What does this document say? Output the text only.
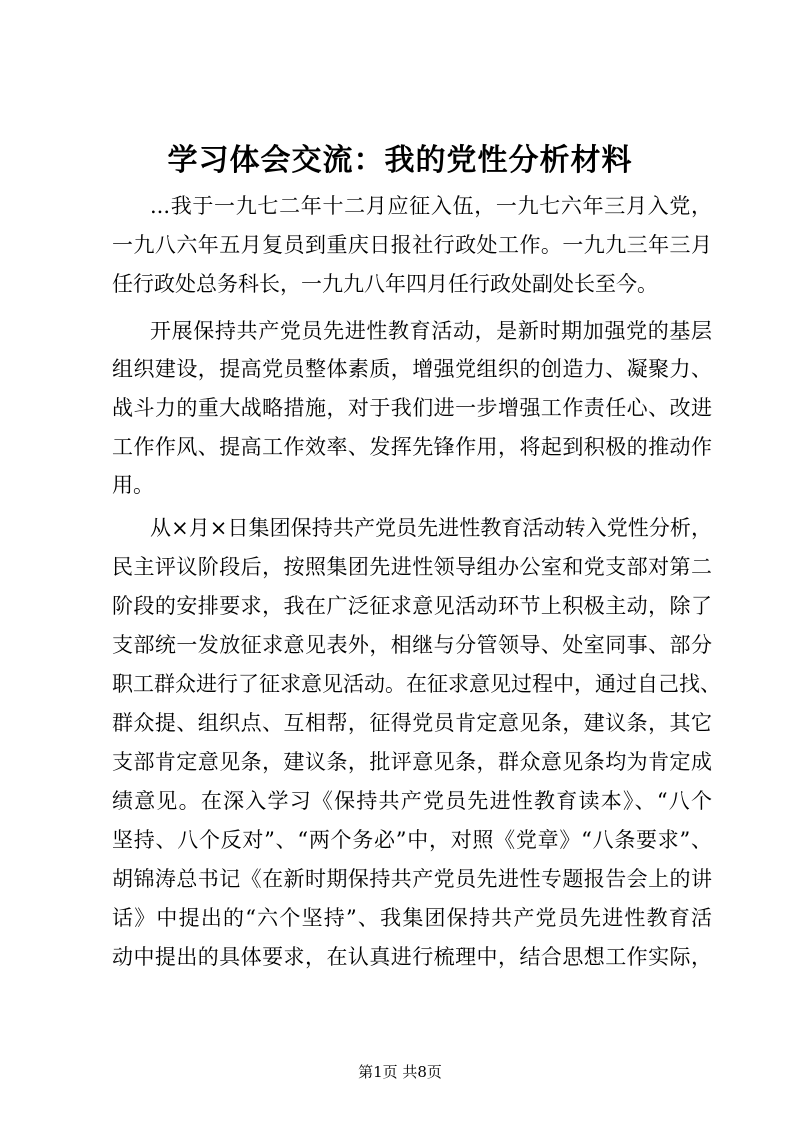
学习体会交流：我的党性分析材料

...我于一九七二年十二月应征入伍，一九七六年三月入党，

一九八六年五月复员到重庆日报社行政处工作。一九九三年三月

任行政处总务科长，一九九八年四月任行政处副处长至今。

开展保持共产党员先进性教育活动，是新时期加强党的基层

组织建设，提高党员整体素质，增强党组织的创造力、凝聚力、

战斗力的重大战略措施，对于我们进一步增强工作责任心、改进

工作作风、提高工作效率、发挥先锋作用，将起到积极的推动作

用。

从×月×日集团保持共产党员先进性教育活动转入党性分析，

民主评议阶段后，按照集团先进性领导组办公室和党支部对第二

阶段的安排要求，我在广泛征求意见活动环节上积极主动，除了

支部统一发放征求意见表外，相继与分管领导、处室同事、部分

职工群众进行了征求意见活动。在征求意见过程中，通过自己找、

群众提、组织点、互相帮，征得党员肯定意见条，建议条，其它

支部肯定意见条，建议条，批评意见条，群众意见条均为肯定成

绩意见。在深入学习《保持共产党员先进性教育读本》、“八个

坚持、八个反对”、“两个务必”中，对照《党章》“八条要求”、

胡锦涛总书记《在新时期保持共产党员先进性专题报告会上的讲

话》中提出的“六个坚持”、我集团保持共产党员先进性教育活

动中提出的具体要求，在认真进行梳理中，结合思想工作实际，

第1页 共8页
